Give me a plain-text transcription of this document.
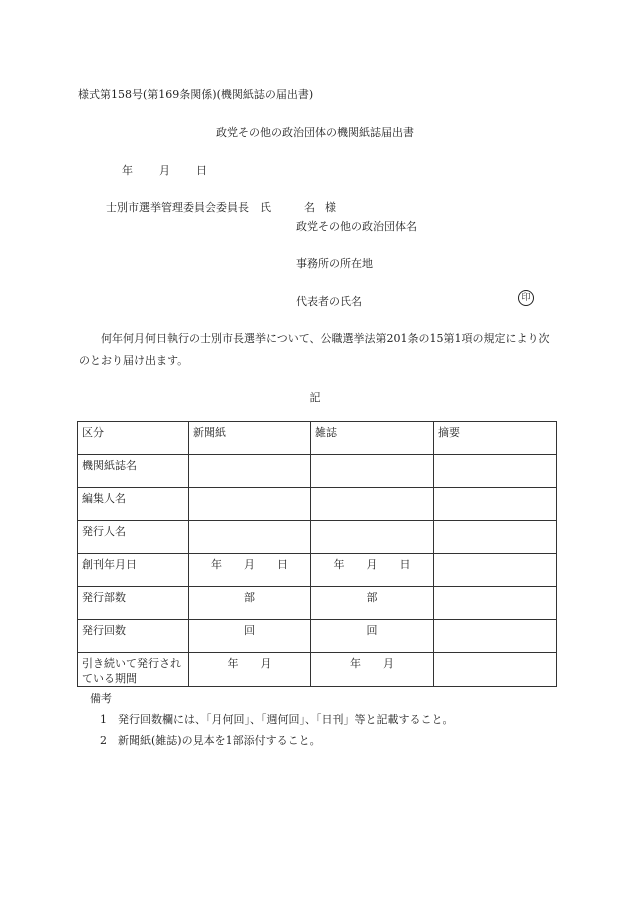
様式第158号(第169条関係)(機関紙誌の届出書)
政党その他の政治団体の機関紙誌届出書
年 月 日
士別市選挙管理委員会委員長　氏　　　名 様
政党その他の政治団体名
事務所の所在地
代表者の氏名	印
何年何月何日執行の士別市長選挙について、公職選挙法第201条の15第1項の規定により次のとおり届け出ます。
記
区分	新聞紙	雑誌	摘要
機関紙誌名			
編集人名			
発行人名			
創刊年月日	年　　月　　日	年　　月　　日	
発行部数	部	部	
発行回数	回	回	
引き続いて発行されている期間	年　　月	年　　月	
備考
1 発行回数欄には、「月何回」、「週何回」、「日刊」等と記載すること。
2 新聞紙(雑誌)の見本を1部添付すること。
